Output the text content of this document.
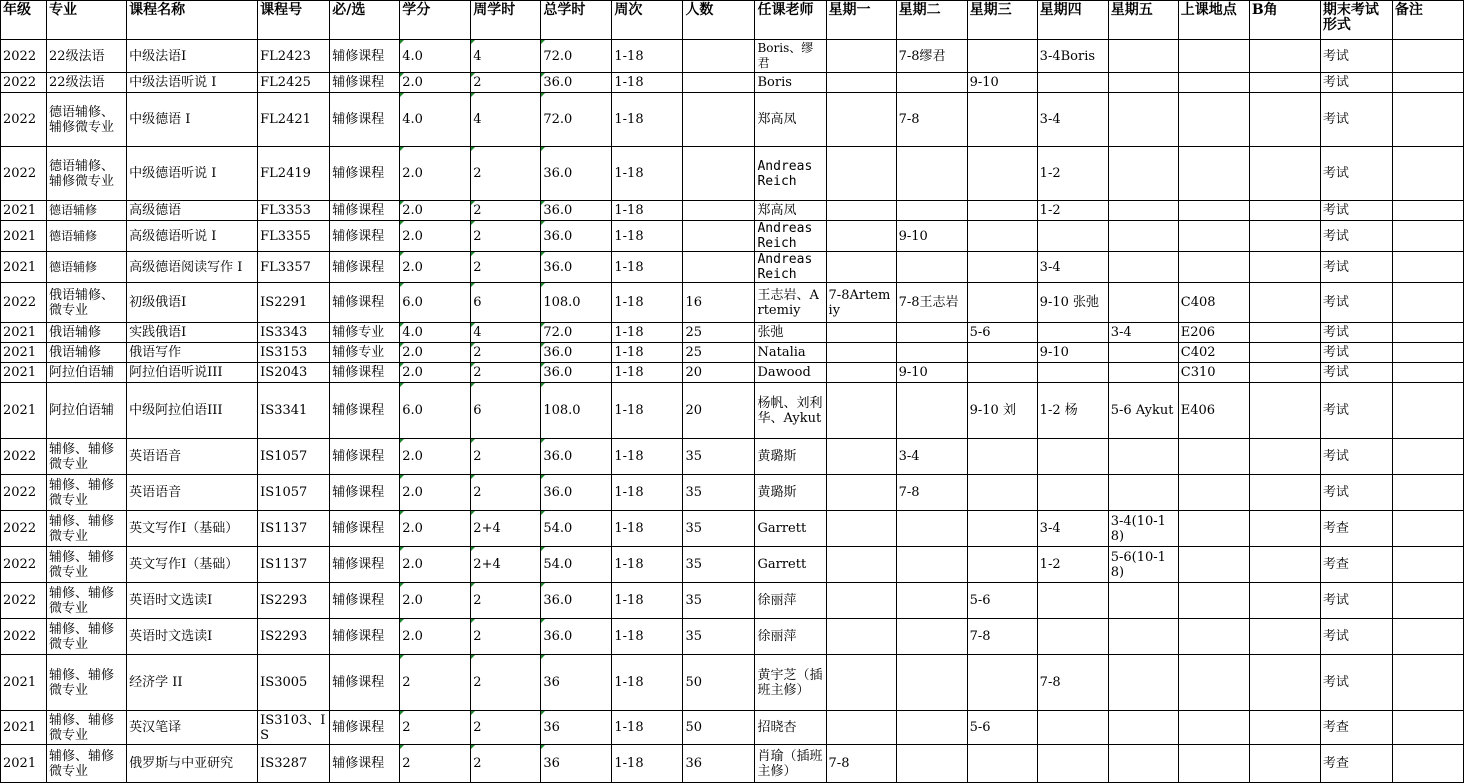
年级	专业	课程名称	课程号	必/选	学分	周学时	总学时	周次	人数	任课老师	星期一	星期二	星期三	星期四	星期五	上课地点	B角	期末考试形式	备注
2022	22级法语	中级法语I	FL2423	辅修课程	4.0	4	72.0	1-18		Boris、缪君		7-8缪君		3-4Boris				考试	
2022	22级法语	中级法语听说 I	FL2425	辅修课程	2.0	2	36.0	1-18		Boris			9-10					考试	
2022	德语辅修、辅修微专业	中级德语 I	FL2421	辅修课程	4.0	4	72.0	1-18		郑高凤		7-8		3-4				考试	
2022	德语辅修、辅修微专业	中级德语听说 I	FL2419	辅修课程	2.0	2	36.0	1-18		Andreas Reich				1-2				考试	
2021	德语辅修	高级德语	FL3353	辅修课程	2.0	2	36.0	1-18		郑高凤				1-2				考试	
2021	德语辅修	高级德语听说 I	FL3355	辅修课程	2.0	2	36.0	1-18		Andreas Reich		9-10						考试	
2021	德语辅修	高级德语阅读写作 I	FL3357	辅修课程	2.0	2	36.0	1-18		Andreas Reich				3-4				考试	
2022	俄语辅修、微专业	初级俄语I	IS2291	辅修课程	6.0	6	108.0	1-18	16	王志岩、Artemiy	7-8Artemiy	7-8王志岩		9-10 张弛		C408		考试	
2021	俄语辅修	实践俄语I	IS3343	辅修专业	4.0	4	72.0	1-18	25	张弛			5-6		3-4	E206		考试	
2021	俄语辅修	俄语写作	IS3153	辅修专业	2.0	2	36.0	1-18	25	Natalia				9-10		C402		考试	
2021	阿拉伯语辅	阿拉伯语听说III	IS2043	辅修课程	2.0	2	36.0	1-18	20	Dawood		9-10				C310		考试	
2021	阿拉伯语辅	中级阿拉伯语III	IS3341	辅修课程	6.0	6	108.0	1-18	20	杨帆、刘利华、Aykut			9-10 刘	1-2 杨	5-6 Aykut	E406		考试	
2022	辅修、辅修微专业	英语语音	IS1057	辅修课程	2.0	2	36.0	1-18	35	黄璐斯		3-4						考试	
2022	辅修、辅修微专业	英语语音	IS1057	辅修课程	2.0	2	36.0	1-18	35	黄璐斯		7-8						考试	
2022	辅修、辅修微专业	英文写作I（基础）	IS1137	辅修课程	2.0	2+4	54.0	1-18	35	Garrett				3-4	3-4(10-18)			考查	
2022	辅修、辅修微专业	英文写作I（基础）	IS1137	辅修课程	2.0	2+4	54.0	1-18	35	Garrett				1-2	5-6(10-18)			考查	
2022	辅修、辅修微专业	英语时文选读I	IS2293	辅修课程	2.0	2	36.0	1-18	35	徐丽萍			5-6					考试	
2022	辅修、辅修微专业	英语时文选读I	IS2293	辅修课程	2.0	2	36.0	1-18	35	徐丽萍			7-8					考试	
2021	辅修、辅修微专业	经济学 II	IS3005	辅修课程	2	2	36	1-18	50	黄宇芝（插班主修）				7-8				考试	
2021	辅修、辅修微专业	英汉笔译	IS3103、IS	辅修课程	2	2	36	1-18	50	招晓杏			5-6					考查	
2021	辅修、辅修微专业	俄罗斯与中亚研究	IS3287	辅修课程	2	2	36	1-18	36	肖瑜（插班主修）	7-8							考查	
